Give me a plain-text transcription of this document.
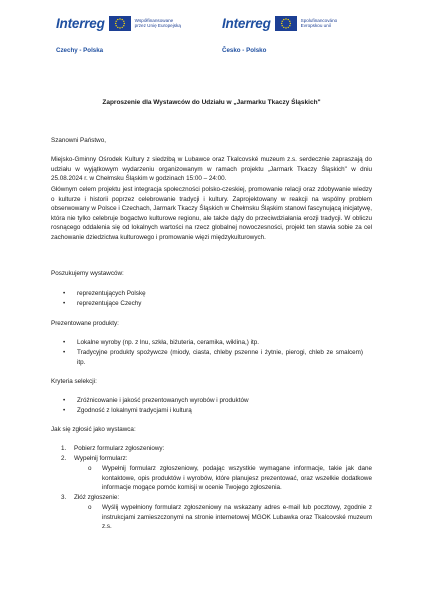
Interreg	Współfinansowane
przez Unię Europejską
Czechy - Polska
Interreg	Spolufinancováno
Evropskou unií
Česko - Polsko
Zaproszenie dla Wystawców do Udziału w „Jarmarku Tkaczy Śląskich"
Szanowni Państwo,
Miejsko-Gminny Ośrodek Kultury z siedzibą w Lubawce oraz Tkalcovské muzeum z.s. serdecznie zapraszają do udziału w wyjątkowym wydarzeniu organizowanym w ramach projektu „Jarmark Tkaczy Śląskich" w dniu 25.08.2024 r. w Chełmsku Śląskim w godzinach 15:00 – 24:00.
Głównym celem projektu jest integracja społeczności polsko-czeskiej, promowanie relacji oraz zdobywanie wiedzy o kulturze i historii poprzez celebrowanie tradycji i kultury. Zaprojektowany w reakcji na wspólny problem obserwowany w Polsce i Czechach, Jarmark Tkaczy Śląskich w Chełmsku Śląskim stanowi fascynującą inicjatywę, która nie tylko celebruje bogactwo kulturowe regionu, ale także dąży do przeciwdziałania erozji tradycji. W obliczu rosnącego oddalenia się od lokalnych wartości na rzecz globalnej nowoczesności, projekt ten stawia sobie za cel zachowanie dziedzictwa kulturowego i promowanie więzi międzykulturowych.
Poszukujemy wystawców:
• reprezentujących Polskę
• reprezentujące Czechy
Prezentowane produkty:
• Lokalne wyroby (np. z lnu, szkła, biżuteria, ceramika, wiklina,) itp.
• Tradycyjne produkty spożywcze (miody, ciasta, chleby pszenne i żytnie, pierogi, chleb ze smalcem) itp.
Kryteria selekcji:
• Zróżnicowanie i jakość prezentowanych wyrobów i produktów
• Zgodność z lokalnymi tradycjami i kulturą
Jak się zgłosić jako wystawca:
1. Pobierz formularz zgłoszeniowy:
2. Wypełnij formularz:
o Wypełnij formularz zgłoszeniowy, podając wszystkie wymagane informacje, takie jak dane kontaktowe, opis produktów i wyrobów, które planujesz prezentować, oraz wszelkie dodatkowe informacje mogące pomóc komisji w ocenie Twojego zgłoszenia.
3. Złóż zgłoszenie:
o Wyślij wypełniony formularz zgłoszeniowy na wskazany adres e-mail lub pocztowy, zgodnie z instrukcjami zamieszczonymi na stronie internetowej MGOK Lubawka oraz Tkalcovské muzeum z.s.
